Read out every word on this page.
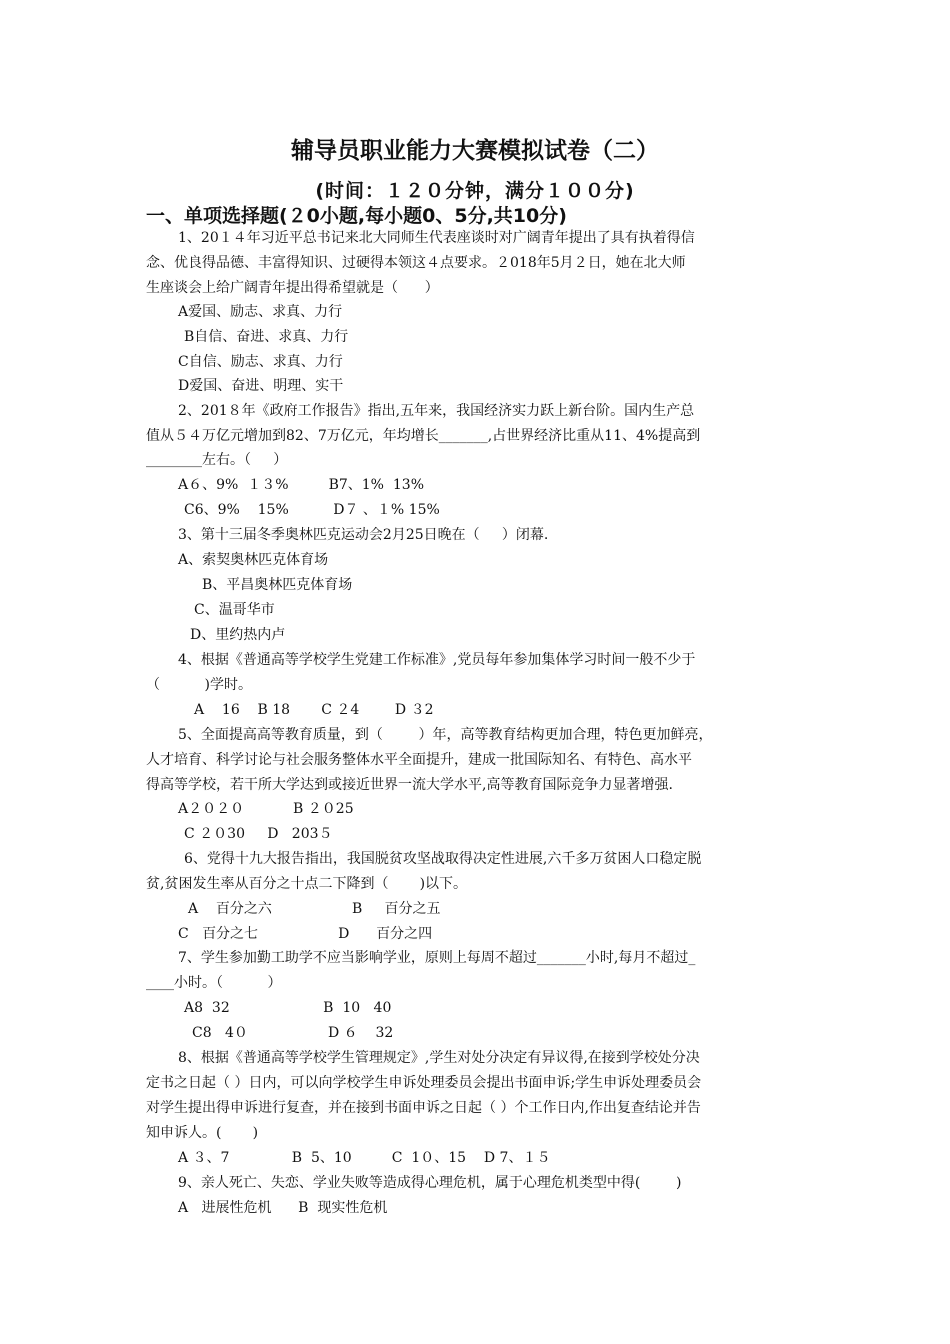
辅导员职业能力大赛模拟试卷（二）
(时间：１２０分钟，满分１００分)
一、单项选择题(２0小题,每小题0、5分,共10分)

1、20１４年习近平总书记来北大同师生代表座谈时对广阔青年提出了具有执着得信

念、优良得品德、丰富得知识、过硬得本领这４点要求。２018年5月２日，她在北大师

生座谈会上给广阔青年提出得希望就是（      ）

A爱国、励志、求真、力行

B自信、奋进、求真、力行

C自信、励志、求真、力行

D爱国、奋进、明理、实干

2、201８年《政府工作报告》指出,五年来，我国经济实力跃上新台阶。国内生产总

值从５４万亿元增加到82、7万亿元，年均增长_______,占世界经济比重从11、4%提高到

________左右。（     ）

A６、9%  １３%         B7、1%  13%

C6、9%    15%          D７ 、１% 15%

3、第十三届冬季奥林匹克运动会2月25日晚在（     ）闭幕.

A、索契奥林匹克体育场

B、平昌奥林匹克体育场

C、温哥华市

D、里约热内卢

4、根据《普通高等学校学生党建工作标准》,党员每年参加集体学习时间一般不少于

（          )学时。

A    16    B 18       C ２4        D ３2

5、全面提高高等教育质量，到（        ）年，高等教育结构更加合理，特色更加鲜亮，

人才培育、科学讨论与社会服务整体水平全面提升，建成一批国际知名、有特色、高水平

得高等学校，若干所大学达到或接近世界一流大学水平,高等教育国际竞争力显著增强.

A２０２０           B ２０25

C ２０30     D   203５

6、党得十九大报告指出，我国脱贫攻坚战取得决定性进展,六千多万贫困人口稳定脱

贫,贫困发生率从百分之十点二下降到（       )以下。

A    百分之六                  B     百分之五

C   百分之七                  D      百分之四

7、学生参加勤工助学不应当影响学业，原则上每周不超过_______小时,每月不超过_

____小时。（          ）

A8  32                     B  10   40

C8   4０                  D ６    32

8、根据《普通高等学校学生管理规定》,学生对处分决定有异议得,在接到学校处分决

定书之日起（ ）日内，可以向学校学生申诉处理委员会提出书面申诉;学生申诉处理委员会

对学生提出得申诉进行复查，并在接到书面申诉之日起（ ）个工作日内,作出复查结论并告

知申诉人。(       )

A ３、7              B  5、10         C  1０、15    D 7、１５

9、亲人死亡、失恋、学业失败等造成得心理危机，属于心理危机类型中得(        )

A   进展性危机      B  现实性危机
